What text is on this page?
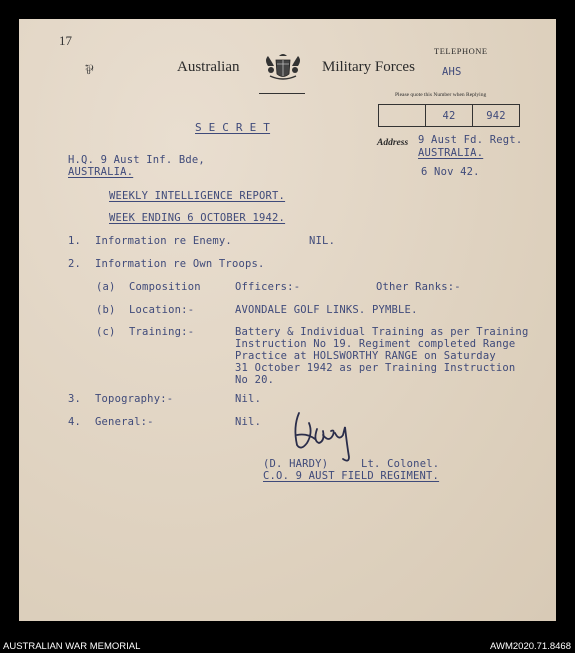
17
⅌	Australian	Military Forces
TELEPHONE
AHS
Please quote this Number when Replying
42	942
Address 9 Aust Fd. Regt.
AUSTRALIA.
6 Nov 42.
S E C R E T
H.Q. 9 Aust Inf. Bde,
AUSTRALIA.
WEEKLY INTELLIGENCE REPORT.
WEEK ENDING 6 OCTOBER 1942.
1. Information re Enemy.	NIL.
2. Information re Own Troops.
(a) Composition	Officers:-	Other Ranks:-
(b) Location:-	AVONDALE GOLF LINKS. PYMBLE.
(c) Training:-	Battery & Individual Training as per Training
Instruction No 19. Regiment completed Range
Practice at HOLSWORTHY RANGE on Saturday
31 October 1942 as per Training Instruction
No 20.
3. Topography:-	Nil.
4. General:-	Nil.
(D. HARDY)	Lt. Colonel.
C.O. 9 AUST FIELD REGIMENT.
AUSTRALIAN WAR MEMORIAL	AWM2020.71.8468
